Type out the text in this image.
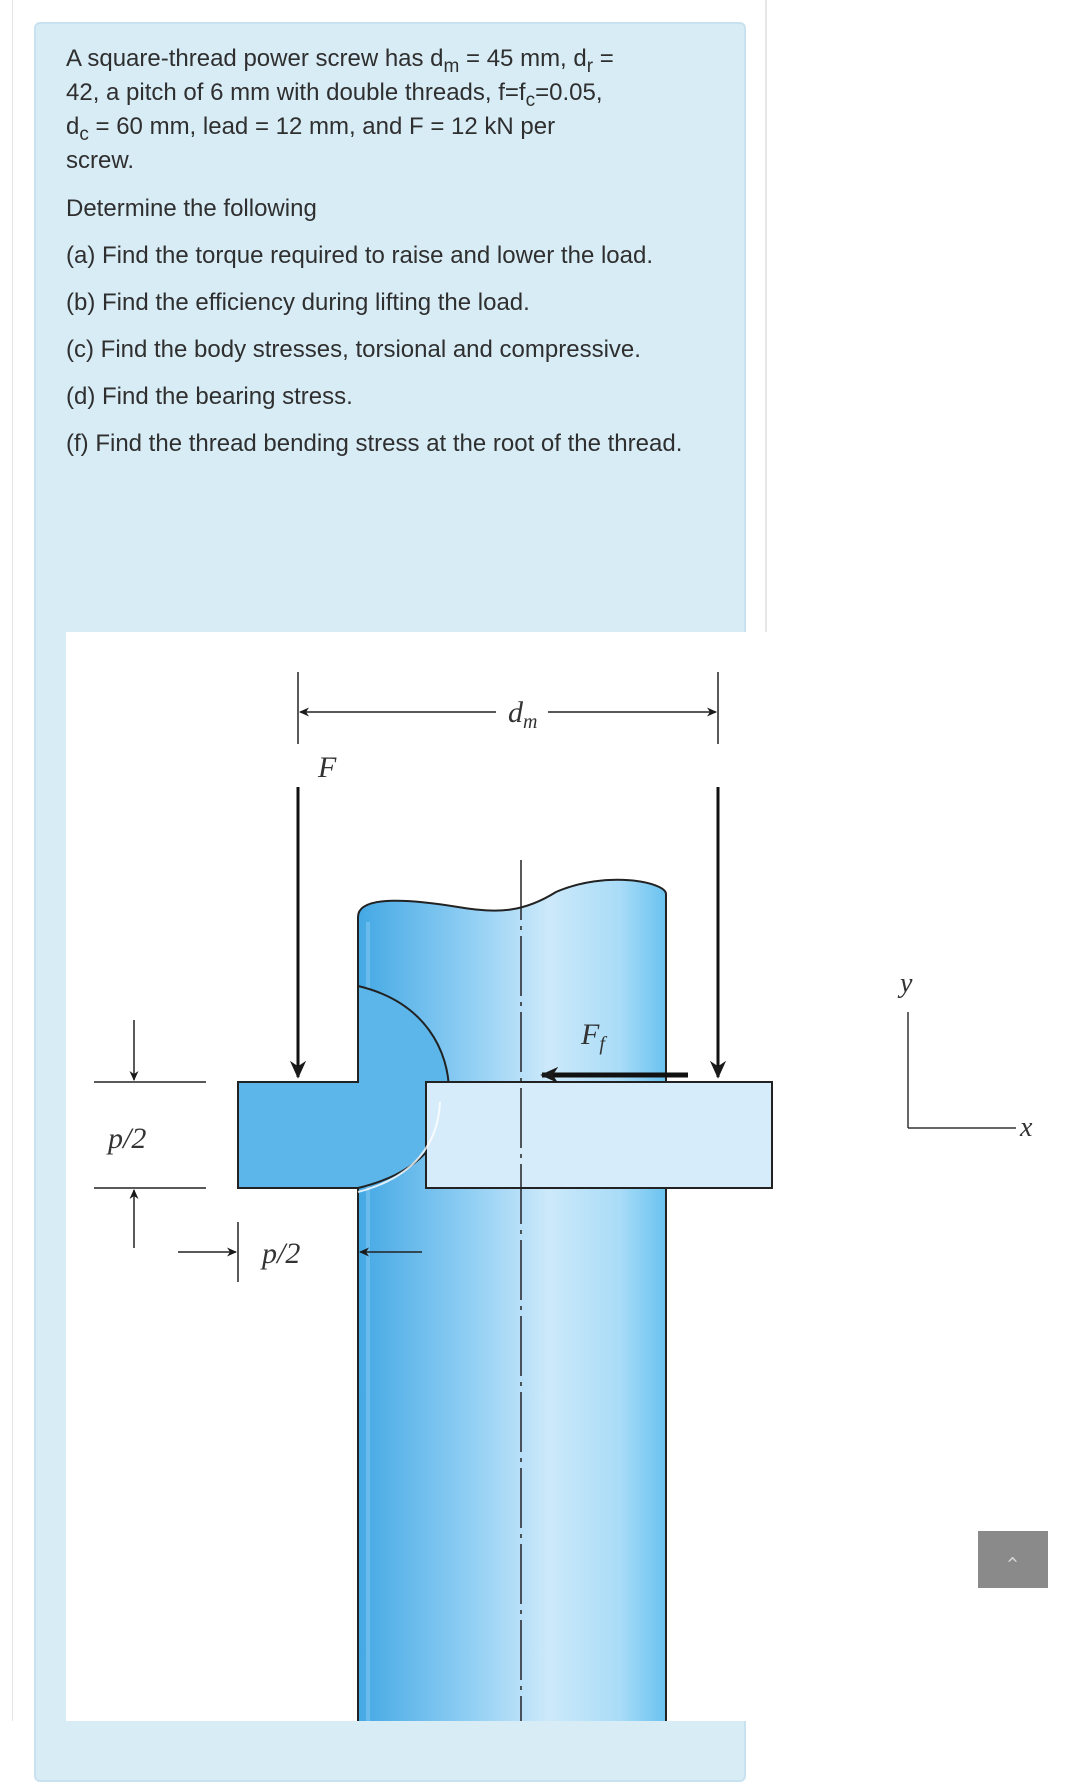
A square-thread power screw has $d_m = 45$ mm, $d_r$ =
42, a pitch of 6 mm with double threads, $f=f_c=0.05$,
$d_c = 60$ mm, lead = 12 mm, and F = 12 kN per
screw.

Determine the following

(a) Find the torque required to raise and lower the load.

(b) Find the efficiency during lifting the load.

(c) Find the body stresses, torsional and compressive.

(d) Find the bearing stress.

(f) Find the thread bending stress at the root of the thread.

$d_m$
F
$F_f$
p/2
p/2
y
x
‹
